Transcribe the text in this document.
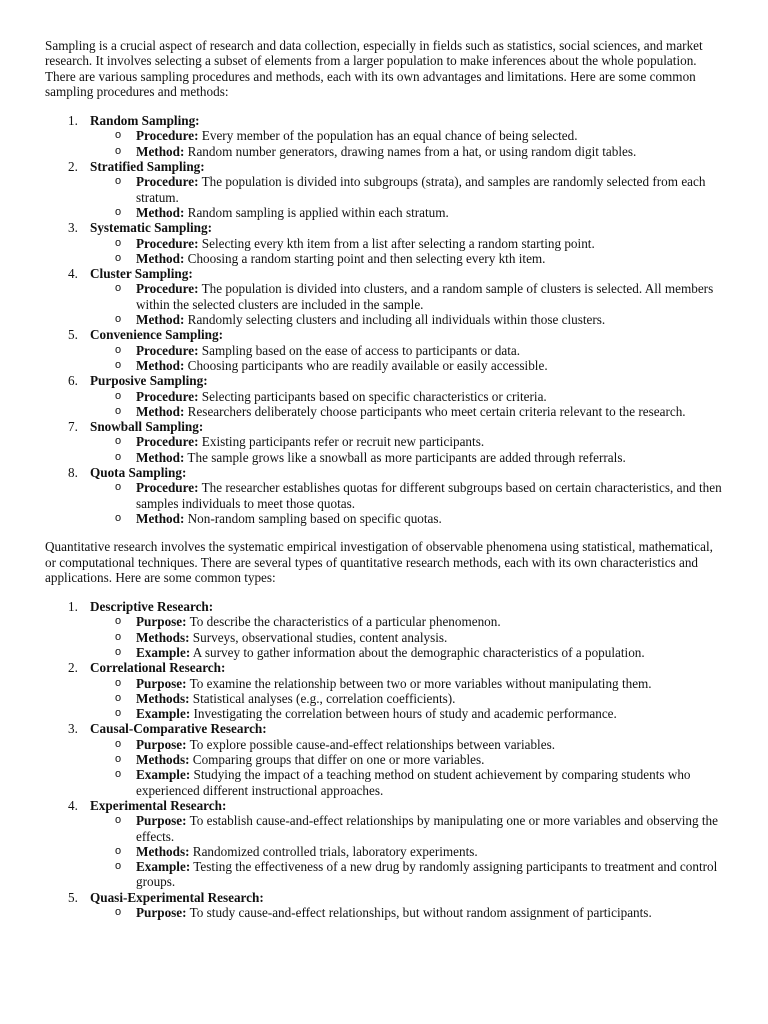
Sampling is a crucial aspect of research and data collection, especially in fields such as statistics, social sciences, and market research. It involves selecting a subset of elements from a larger population to make inferences about the whole population. There are various sampling procedures and methods, each with its own advantages and limitations. Here are some common sampling procedures and methods:

1. Random Sampling:
o Procedure: Every member of the population has an equal chance of being selected.
o Method: Random number generators, drawing names from a hat, or using random digit tables.
2. Stratified Sampling:
o Procedure: The population is divided into subgroups (strata), and samples are randomly selected from each stratum.
o Method: Random sampling is applied within each stratum.
3. Systematic Sampling:
o Procedure: Selecting every kth item from a list after selecting a random starting point.
o Method: Choosing a random starting point and then selecting every kth item.
4. Cluster Sampling:
o Procedure: The population is divided into clusters, and a random sample of clusters is selected. All members within the selected clusters are included in the sample.
o Method: Randomly selecting clusters and including all individuals within those clusters.
5. Convenience Sampling:
o Procedure: Sampling based on the ease of access to participants or data.
o Method: Choosing participants who are readily available or easily accessible.
6. Purposive Sampling:
o Procedure: Selecting participants based on specific characteristics or criteria.
o Method: Researchers deliberately choose participants who meet certain criteria relevant to the research.
7. Snowball Sampling:
o Procedure: Existing participants refer or recruit new participants.
o Method: The sample grows like a snowball as more participants are added through referrals.
8. Quota Sampling:
o Procedure: The researcher establishes quotas for different subgroups based on certain characteristics, and then samples individuals to meet those quotas.
o Method: Non-random sampling based on specific quotas.

Quantitative research involves the systematic empirical investigation of observable phenomena using statistical, mathematical, or computational techniques. There are several types of quantitative research methods, each with its own characteristics and applications. Here are some common types:

1. Descriptive Research:
o Purpose: To describe the characteristics of a particular phenomenon.
o Methods: Surveys, observational studies, content analysis.
o Example: A survey to gather information about the demographic characteristics of a population.
2. Correlational Research:
o Purpose: To examine the relationship between two or more variables without manipulating them.
o Methods: Statistical analyses (e.g., correlation coefficients).
o Example: Investigating the correlation between hours of study and academic performance.
3. Causal-Comparative Research:
o Purpose: To explore possible cause-and-effect relationships between variables.
o Methods: Comparing groups that differ on one or more variables.
o Example: Studying the impact of a teaching method on student achievement by comparing students who experienced different instructional approaches.
4. Experimental Research:
o Purpose: To establish cause-and-effect relationships by manipulating one or more variables and observing the effects.
o Methods: Randomized controlled trials, laboratory experiments.
o Example: Testing the effectiveness of a new drug by randomly assigning participants to treatment and control groups.
5. Quasi-Experimental Research:
o Purpose: To study cause-and-effect relationships, but without random assignment of participants.
